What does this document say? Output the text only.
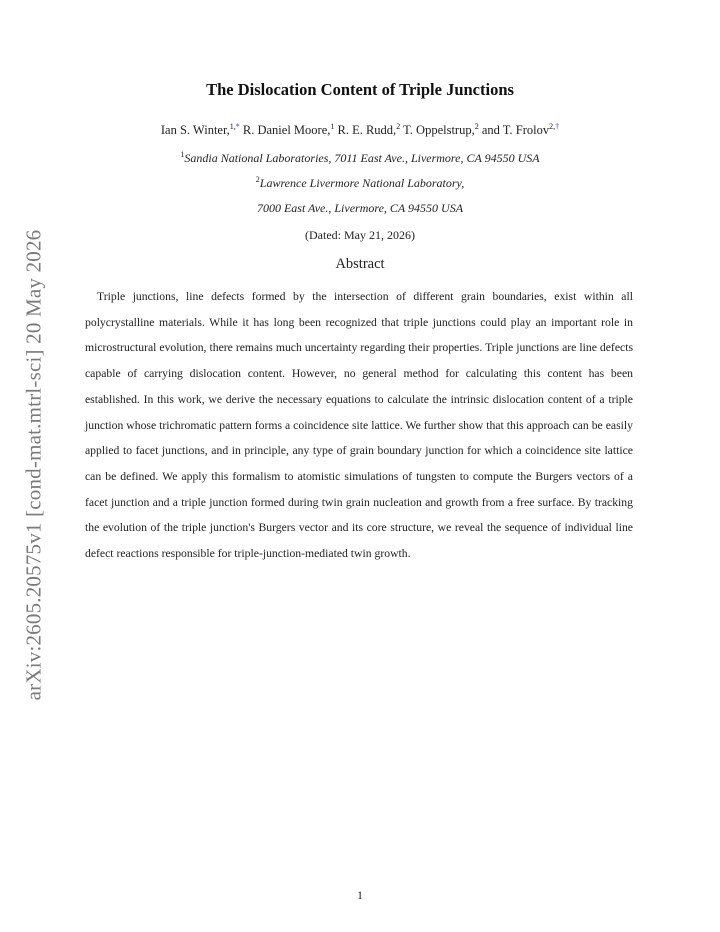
arXiv:2605.20575v1 [cond-mat.mtrl-sci] 20 May 2026
The Dislocation Content of Triple Junctions
Ian S. Winter,$^{1,*}$ R. Daniel Moore,$^1$ R. E. Rudd,$^2$ T. Oppelstrup,$^2$ and T. Frolov$^{2,\dagger}$
$^1$Sandia National Laboratories, 7011 East Ave., Livermore, CA 94550 USA
$^2$Lawrence Livermore National Laboratory,
7000 East Ave., Livermore, CA 94550 USA
(Dated: May 21, 2026)
Abstract
Triple junctions, line defects formed by the intersection of different grain boundaries, exist within all polycrystalline materials. While it has long been recognized that triple junctions could play an important role in microstructural evolution, there remains much uncertainty regarding their properties. Triple junctions are line defects capable of carrying dislocation content. However, no general method for calculating this content has been established. In this work, we derive the necessary equations to calculate the intrinsic dislocation content of a triple junction whose trichromatic pattern forms a coincidence site lattice. We further show that this approach can be easily applied to facet junctions, and in principle, any type of grain boundary junction for which a coincidence site lattice can be defined. We apply this formalism to atomistic simulations of tungsten to compute the Burgers vectors of a facet junction and a triple junction formed during twin grain nucleation and growth from a free surface. By tracking the evolution of the triple junction's Burgers vector and its core structure, we reveal the sequence of individual line defect reactions responsible for triple-junction-mediated twin growth.
1
